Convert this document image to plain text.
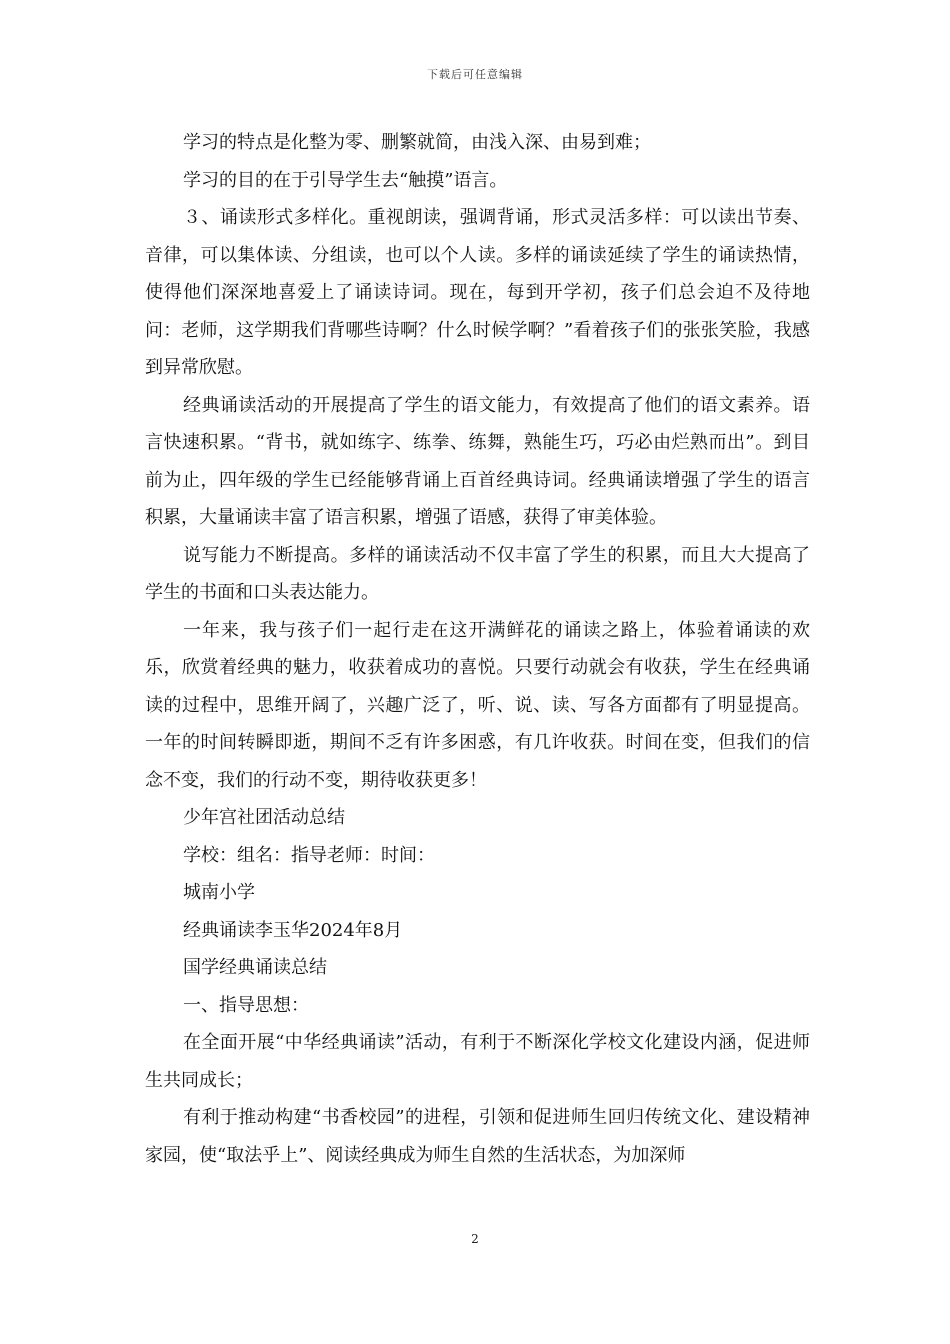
下载后可任意编辑

学习的特点是化整为零、删繁就简，由浅入深、由易到难；

学习的目的在于引导学生去“触摸”语言。

３、诵读形式多样化。重视朗读，强调背诵，形式灵活多样：可以读出节奏、音律，可以集体读、分组读，也可以个人读。多样的诵读延续了学生的诵读热情，使得他们深深地喜爱上了诵读诗词。现在，每到开学初，孩子们总会迫不及待地问：老师，这学期我们背哪些诗啊？什么时候学啊？”看着孩子们的张张笑脸，我感到异常欣慰。

经典诵读活动的开展提高了学生的语文能力，有效提高了他们的语文素养。语言快速积累。“背书，就如练字、练拳、练舞，熟能生巧，巧必由烂熟而出”。到目前为止，四年级的学生已经能够背诵上百首经典诗词。经典诵读增强了学生的语言积累，大量诵读丰富了语言积累，增强了语感，获得了审美体验。

说写能力不断提高。多样的诵读活动不仅丰富了学生的积累，而且大大提高了学生的书面和口头表达能力。

一年来，我与孩子们一起行走在这开满鲜花的诵读之路上，体验着诵读的欢乐，欣赏着经典的魅力，收获着成功的喜悦。只要行动就会有收获，学生在经典诵读的过程中，思维开阔了，兴趣广泛了，听、说、读、写各方面都有了明显提高。一年的时间转瞬即逝，期间不乏有许多困惑，有几许收获。时间在变，但我们的信念不变，我们的行动不变，期待收获更多！

少年宫社团活动总结

学校：组名：指导老师：时间：

城南小学

经典诵读李玉华2024年8月

国学经典诵读总结

一、指导思想：

在全面开展“中华经典诵读”活动，有利于不断深化学校文化建设内涵，促进师生共同成长；

有利于推动构建“书香校园”的进程，引领和促进师生回归传统文化、建设精神家园，使“取法乎上”、阅读经典成为师生自然的生活状态，为加深师

2
